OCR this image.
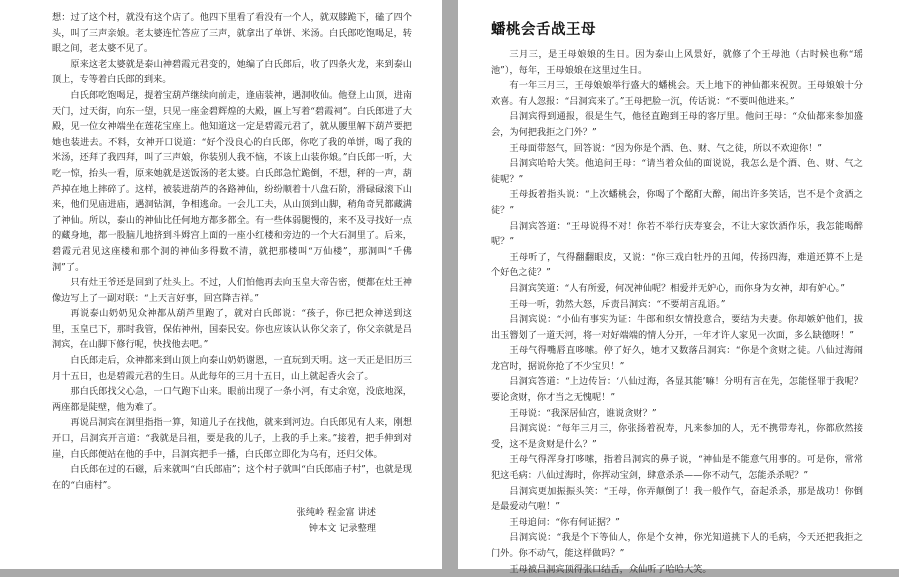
想：过了这个村，就没有这个店了。他四下里看了看没有一个人，就双膝跪下，磕了四个头，叫了三声亲娘。老太婆连忙答应了三声，就拿出了单饼、米汤。白氏郎吃饱喝足，转眼之间，老太婆不见了。

原来这老太婆就是泰山神碧霞元君变的，她编了白氏郎后，收了四条火龙，来到泰山顶上，专等着白氏郎的到来。

白氏郎吃饱喝足，提着宝葫芦继续向前走，逢庙装神，遇洞收仙。他登上山顶，进南天门，过天街，向东一望，只见一座金碧辉煌的大殿，匾上写着“碧霞祠”。白氏郎进了大殿，见一位女神端坐在莲花宝座上。他知道这一定是碧霞元君了，就从腰里解下葫芦要把她也装进去。不料，女神开口说道：“好个没良心的白氏郎，你吃了我的单饼，喝了我的米汤，还拜了我四拜，叫了三声娘，你装别人我不恼，不该上山装你娘。”白氏郎一听，大吃一惊，抬头一看，原来她就是送饭汤的老太婆。白氏郎急忙跪倒，不想，秤的一声，葫芦掉在地上摔碎了。这样，被装进葫芦的各路神仙，纷纷顺着十八盘石阶，滑碌碌滚下山来，他们见庙进庙，遇洞钻洞，争相逃命。一会儿工夫，从山顶到山脚，稍角奇旯都藏满了神仙。所以，泰山的神仙比任何地方都多都全。有一些体弱腿慢的，来不及寻找好一点的藏身地，都一股脑儿地挤到斗姆宫上面的一座小红楼和旁边的一个大石洞里了。后来，碧霞元君见这座楼和那个洞的神仙多得数不清，就把那楼叫“万仙楼”，那洞叫“千佛洞”了。

只有灶王爷还是回到了灶头上。不过，人们怕他再去向玉皇大帝告密，便都在灶王神像边写上了一副对联：“上天言好事，回宫降吉祥。”

再说泰山奶奶见众神都从葫芦里跑了，就对白氏郎说：“孩子，你已把众神送到这里，玉皇已下，那时我管，保佑神州，国泰民安。你也应该认认你父亲了，你父亲就是吕洞宾，在山脚下修行呢，快找他去吧。”

白氏郎走后，众神都来到山顶上向泰山奶奶谢恩，一直玩到天明。这一天正是旧历三月十五日，也是碧霞元君的生日。从此每年的三月十五日，山上就起香火会了。

那白氏郎找父心急，一口气跑下山来。眼前出现了一条小河，有丈余宽，没底地深，两座都是陡壁，他为难了。

再说吕洞宾在洞里指指一算，知道儿子在找他，就来到河边。白氏郎见有人来，刚想开口，吕洞宾开言道：“我就是吕祖，要是我的儿子，上我的手上来。”接着，把手伸到对崖，白氏郎便站在他的手中，吕洞宾把手一播，白氏郎立即化为乌有，还归父体。

白氏郎在过的石磁，后来就叫“白氏郎庙”；这个村子就叫“白氏郎庙子村”，也就是现在的“白庙村”。

张纯岭 程金富 讲述
钟本文 记录整理
蟠桃会舌战王母

三月三，是王母娘娘的生日。因为泰山上风景好，就修了个王母池（古时候也称“瑶池”），每年，王母娘娘在这里过生日。

有一年三月三，王母娘娘举行盛大的蟠桃会。天上地下的神仙都来祝贺。王母娘娘十分欢喜。有人忽报：“吕洞宾来了。”王母把脸一沉，传话说：“不要叫他进来。”

吕洞宾得到通报，很是生气，他径直跑到王母的客厅里。他问王母：“众仙都来参加盛会，为何把我拒之门外？”

王母面带怒气，回答说：“因为你是个酒、色、财、气之徒，所以不欢迎你！”

吕洞宾哈哈大笑。他追问王母：“请当着众仙的面说说，我怎么是个酒、色、财、气之徒呢？”

王母扳着指头说：“上次蟠桃会，你喝了个酩酊大醉，闹出许多笑话，岂不是个贪酒之徒？”

吕洞宾答道：“王母说得不对！你若不举行庆寿宴会，不让大家饮酒作乐，我怎能喝醉呢？”

王母听了，气得翻翻眼皮，又说：“你三戏白牡丹的丑闻，传扬四海，难道还算不上是个好色之徒？”

吕洞宾笑道：“人有所爱，何况神仙呢？相爱并无妒心，而你身为女神，却有妒心。”

王母一听，勃然大怒，斥责吕洞宾：“不要胡言乱语。”

吕洞宾说：“小仙有事实为证：牛郎和织女情投意合，要结为夫妻。你却嫉妒他们，拔出玉簪划了一道天河，将一对好端端的情人分开，一年才许人家见一次面，多么缺德呀！”

王母气得嘴唇直哆嗦。停了好久，她才又数落吕洞宾：“你是个贪财之徒。八仙过海闹龙宫时，据说你抢了不少宝贝！”

吕洞宾答道：“上边传旨：‘八仙过海，各显其能’嘛！分明有言在先，怎能怪罪于我呢？要论贪财，你才当之无愧呢！”

王母说：“我深居仙宫，谁说贪财？”

吕洞宾说：“每年三月三，你张扬着祝寿，凡来参加的人，无不携带寿礼，你都欣然接受，这不是贪财是什么？”

王母气得浑身打哆嗦，指着吕洞宾的鼻子说，“神仙是不能意气用事的。可是你，常常犯这毛病：八仙过海时，你挥动宝剑，肆意杀杀——你不动气，怎能杀杀呢？”

吕洞宾更加振振头笑：“王母，你弄颠倒了！我一般作气，奋起杀杀，那是战功！你倒是最爱动气啦！”

王母追问：“你有何证据？”

吕洞宾说：“我是个下等仙人，你是个女神，你光知道挑下人的毛病，今天还把我拒之门外。你不动气，能这样做吗？”

王母被吕洞宾顶得张口结舌，众仙听了哈哈大笑。
